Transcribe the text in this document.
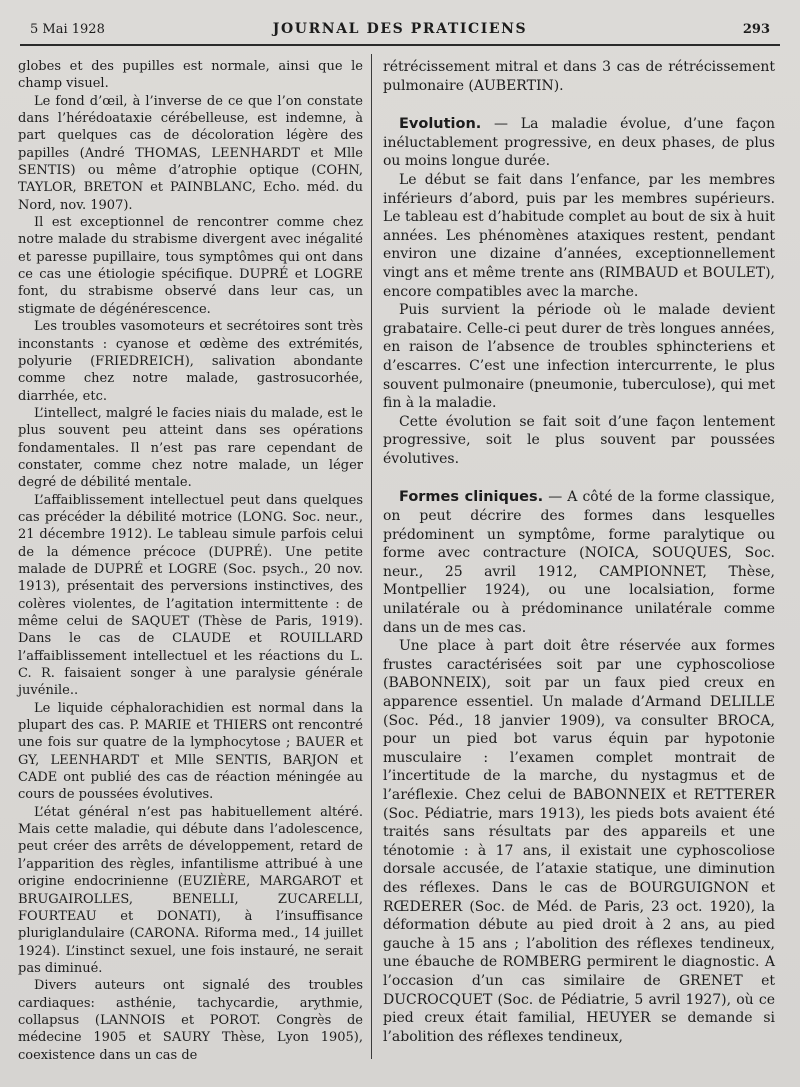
5 Mai 1928	JOURNAL DES PRATICIENS	293

globes et des pupilles est normale, ainsi que le champ visuel.

Le fond d’œil, à l’inverse de ce que l’on constate dans l’hérédoataxie cérébelleuse, est indemne, à part quelques cas de décoloration légère des papilles (André THOMAS, LEENHARDT et Mlle SENTIS) ou même d’atrophie optique (COHN, TAYLOR, BRETON et PAINBLANC, Echo. méd. du Nord, nov. 1907).

Il est exceptionnel de rencontrer comme chez notre malade du strabisme divergent avec inégalité et paresse pupillaire, tous symptômes qui ont dans ce cas une étiologie spécifique. DUPRÉ et LOGRE font, du strabisme observé dans leur cas, un stigmate de dégénérescence.

Les troubles vasomoteurs et secrétoires sont très inconstants : cyanose et œdème des extrémités, polyurie (FRIEDREICH), salivation abondante comme chez notre malade, gastrosucorhée, diarrhée, etc.

L’intellect, malgré le facies niais du malade, est le plus souvent peu atteint dans ses opérations fondamentales. Il n’est pas rare cependant de constater, comme chez notre malade, un léger degré de débilité mentale.

L’affaiblissement intellectuel peut dans quelques cas précéder la débilité motrice (LONG. Soc. neur., 21 décembre 1912). Le tableau simule parfois celui de la démence précoce (DUPRÉ). Une petite malade de DUPRÉ et LOGRE (Soc. psych., 20 nov. 1913), présentait des perversions instinctives, des colères violentes, de l’agitation intermittente : de même celui de SAQUET (Thèse de Paris, 1919). Dans le cas de CLAUDE et ROUILLARD l’affaiblissement intellectuel et les réactions du L. C. R. faisaient songer à une paralysie générale juvénile..

Le liquide céphalorachidien est normal dans la plupart des cas. P. MARIE et THIERS ont rencontré une fois sur quatre de la lymphocytose ; BAUER et GY, LEENHARDT et Mlle SENTIS, BARJON et CADE ont publié des cas de réaction méningée au cours de poussées évolutives.

L’état général n’est pas habituellement altéré. Mais cette maladie, qui débute dans l’adolescence, peut créer des arrêts de développement, retard de l’apparition des règles, infantilisme attribué à une origine endocrinienne (EUZIÈRE, MARGAROT et BRUGAIROLLES, BENELLI, ZUCARELLI, FOURTEAU et DONATI), à l’insuffisance pluriglandulaire (CARONA. Riforma med., 14 juillet 1924). L’instinct sexuel, une fois instauré, ne serait pas diminué.

Divers auteurs ont signalé des troubles cardiaques: asthénie, tachycardie, arythmie, collapsus (LANNOIS et POROT. Congrès de médecine 1905 et SAURY Thèse, Lyon 1905), coexistence dans un cas de

rétrécissement mitral et dans 3 cas de rétrécissement pulmonaire (AUBERTIN).

Evolution. — La maladie évolue, d’une façon inéluctablement progressive, en deux phases, de plus ou moins longue durée.

Le début se fait dans l’enfance, par les membres inférieurs d’abord, puis par les membres supérieurs. Le tableau est d’habitude complet au bout de six à huit années. Les phénomènes ataxiques restent, pendant environ une dizaine d’années, exceptionnellement vingt ans et même trente ans (RIMBAUD et BOULET), encore compatibles avec la marche.

Puis survient la période où le malade devient grabataire. Celle-ci peut durer de très longues années, en raison de l’absence de troubles sphincteriens et d’escarres. C’est une infection intercurrente, le plus souvent pulmonaire (pneumonie, tuberculose), qui met fin à la maladie.

Cette évolution se fait soit d’une façon lentement progressive, soit le plus souvent par poussées évolutives.

Formes cliniques. — A côté de la forme classique, on peut décrire des formes dans lesquelles prédominent un symptôme, forme paralytique ou forme avec contracture (NOICA, SOUQUES, Soc. neur., 25 avril 1912, CAMPIONNET, Thèse, Montpellier 1924), ou une localsiation, forme unilatérale ou à prédominance unilatérale comme dans un de mes cas.

Une place à part doit être réservée aux formes frustes caractérisées soit par une cyphoscoliose (BABONNEIX), soit par un faux pied creux en apparence essentiel. Un malade d’Armand DELILLE (Soc. Péd., 18 janvier 1909), va consulter BROCA, pour un pied bot varus équin par hypotonie musculaire : l’examen complet montrait de l’incertitude de la marche, du nystagmus et de l’aréflexie. Chez celui de BABONNEIX et RETTERER (Soc. Pédiatrie, mars 1913), les pieds bots avaient été traités sans résultats par des appareils et une ténotomie : à 17 ans, il existait une cyphoscoliose dorsale accusée, de l’ataxie statique, une diminution des réflexes. Dans le cas de BOURGUIGNON et RŒDERER (Soc. de Méd. de Paris, 23 oct. 1920), la déformation débute au pied droit à 2 ans, au pied gauche à 15 ans ; l’abolition des réflexes tendineux, une ébauche de ROMBERG permirent le diagnostic. A l’occasion d’un cas similaire de GRENET et DUCROCQUET (Soc. de Pédiatrie, 5 avril 1927), où ce pied creux était familial, HEUYER se demande si l’abolition des réflexes tendineux,
